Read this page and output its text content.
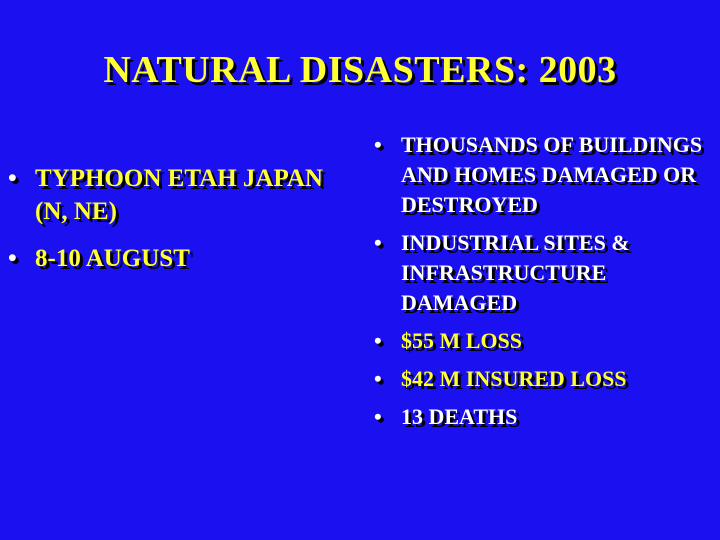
NATURAL DISASTERS: 2003
• TYPHOON ETAH JAPAN (N, NE)
• 8-10 AUGUST
• THOUSANDS OF BUILDINGS AND HOMES DAMAGED OR DESTROYED
• INDUSTRIAL SITES & INFRASTRUCTURE DAMAGED
• $55 M LOSS
• $42 M INSURED LOSS
• 13 DEATHS
